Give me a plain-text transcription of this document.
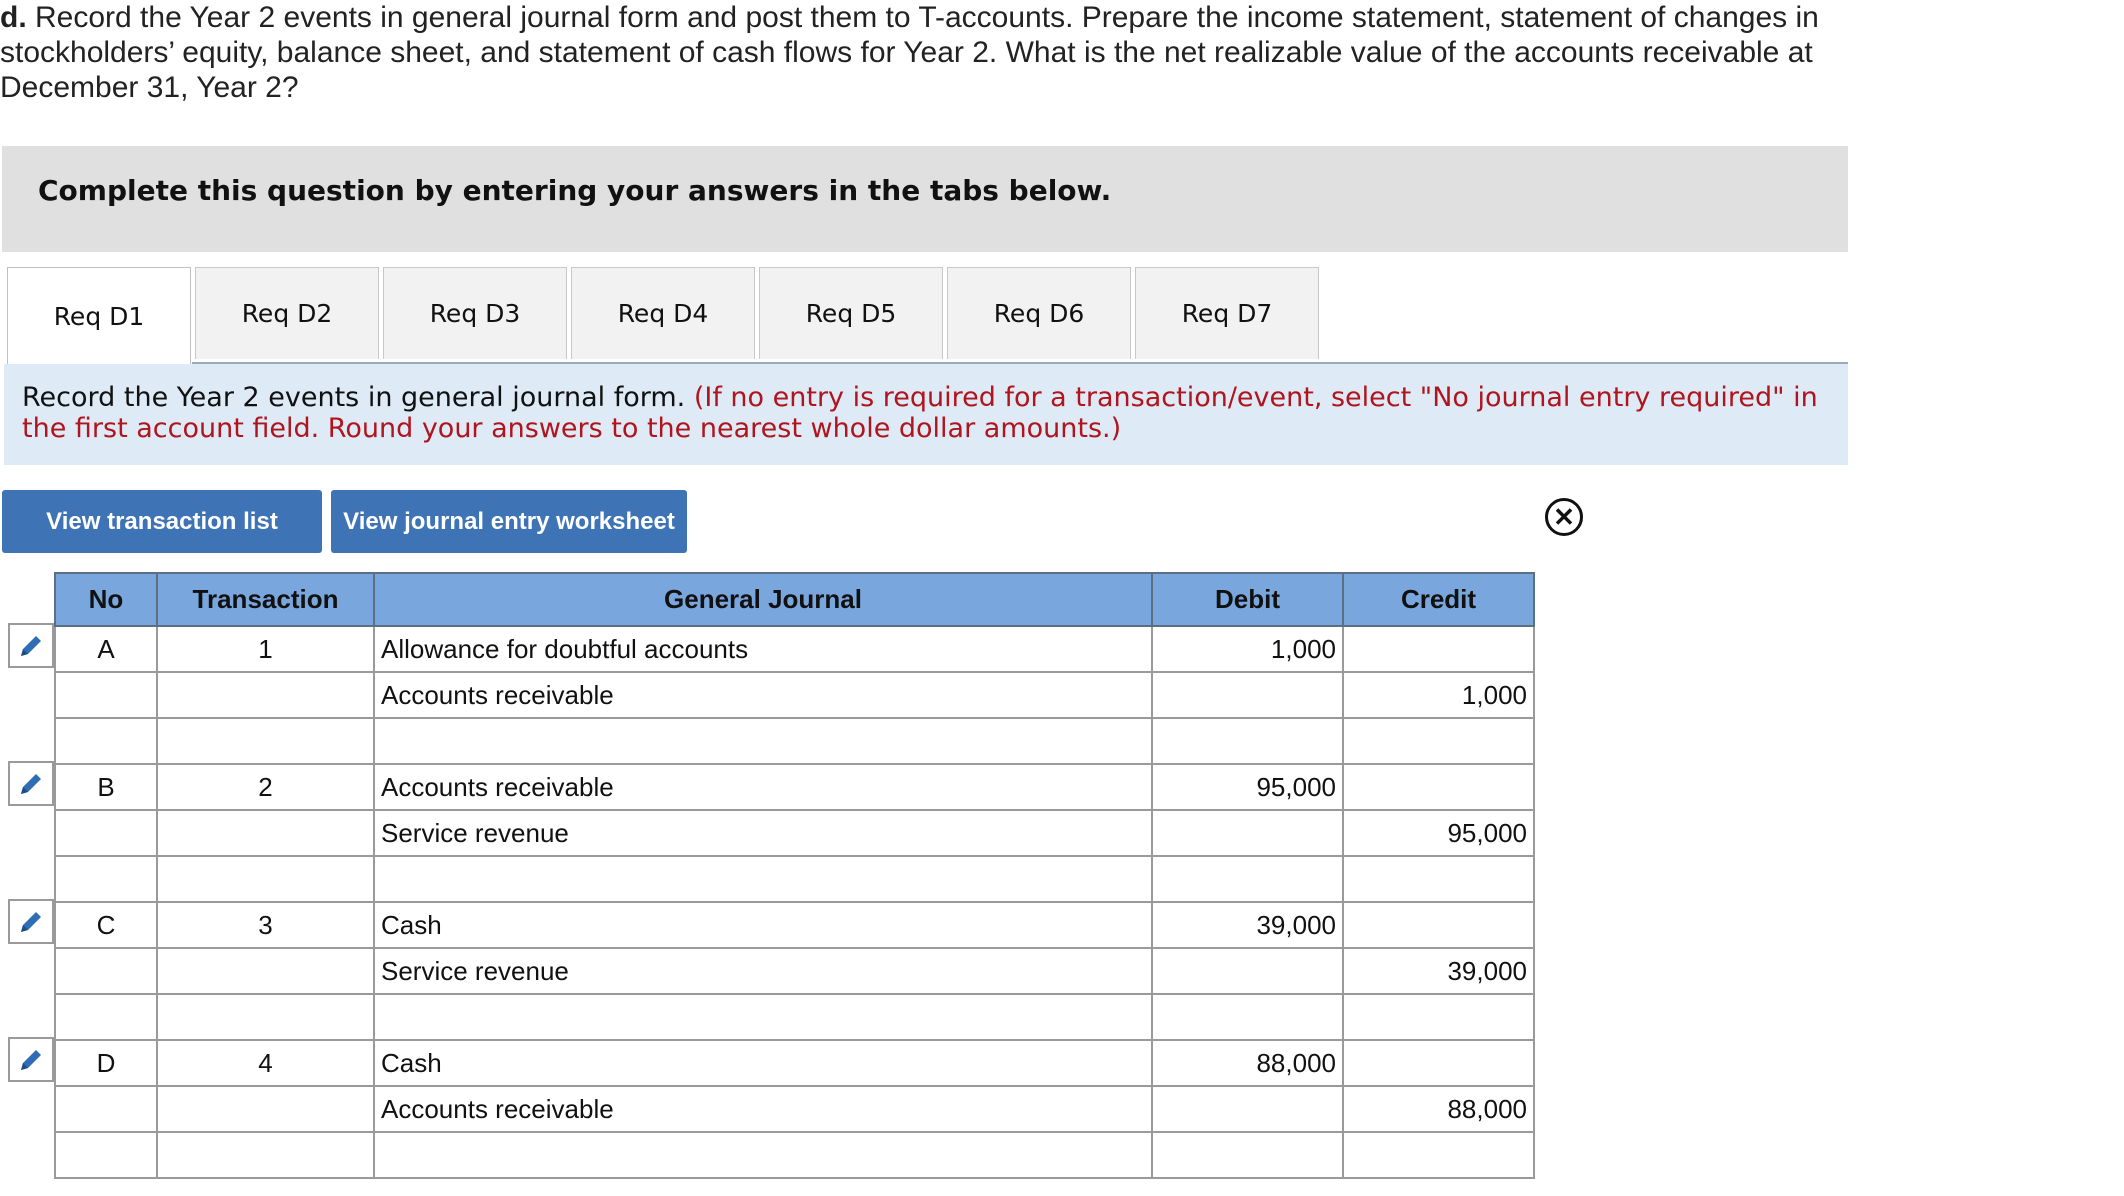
d. Record the Year 2 events in general journal form and post them to T-accounts. Prepare the income statement, statement of changes in stockholders’ equity, balance sheet, and statement of cash flows for Year 2. What is the net realizable value of the accounts receivable at December 31, Year 2?
Complete this question by entering your answers in the tabs below.
Req D1	Req D2	Req D3	Req D4	Req D5	Req D6	Req D7
Record the Year 2 events in general journal form. (If no entry is required for a transaction/event, select "No journal entry required" in the first account field. Round your answers to the nearest whole dollar amounts.)
View transaction list	View journal entry worksheet	✕
No	Transaction	General Journal	Debit	Credit
A	1	Allowance for doubtful accounts	1,000	
		Accounts receivable		1,000

B	2	Accounts receivable	95,000	
		Service revenue		95,000

C	3	Cash	39,000	
		Service revenue		39,000

D	4	Cash	88,000	
		Accounts receivable		88,000
